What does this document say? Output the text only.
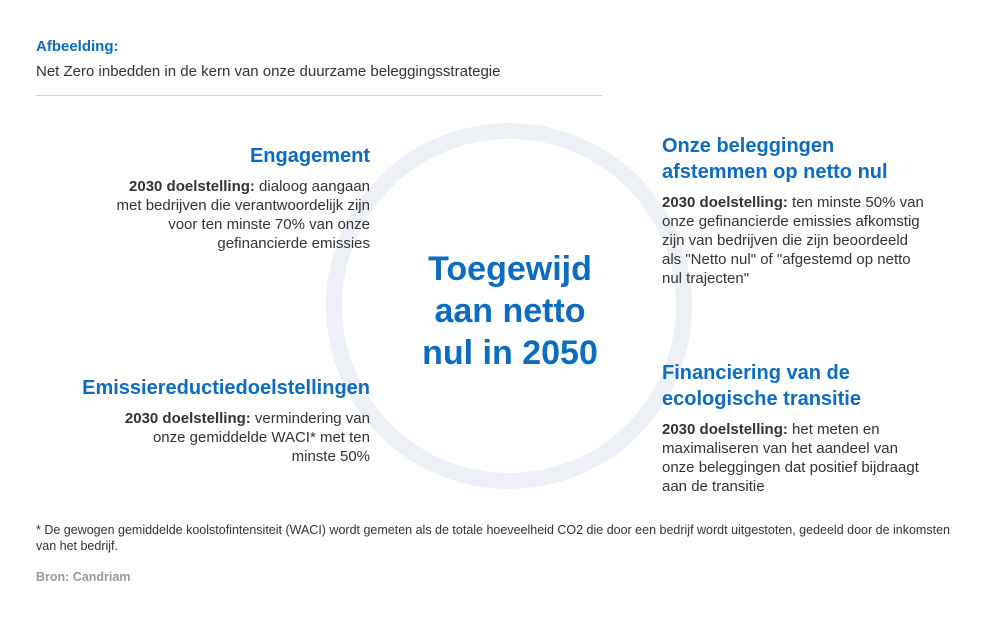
Afbeelding:
Net Zero inbedden in de kern van onze duurzame beleggingsstrategie
Toegewijd
aan netto
nul in 2050
Engagement
2030 doelstelling: dialoog aangaan met bedrijven die verantwoordelijk zijn voor ten minste 70% van onze gefinancierde emissies
Emissiereductiedoelstellingen
2030 doelstelling: vermindering van onze gemiddelde WACI* met ten minste 50%
Onze beleggingen
afstemmen op netto nul
2030 doelstelling: ten minste 50% van onze gefinancierde emissies afkomstig zijn van bedrijven die zijn beoordeeld als "Netto nul" of "afgestemd op netto nul trajecten"
Financiering van de
ecologische transitie
2030 doelstelling: het meten en maximaliseren van het aandeel van onze beleggingen dat positief bijdraagt aan de transitie
* De gewogen gemiddelde koolstofintensiteit (WACI) wordt gemeten als de totale hoeveelheid CO2 die door een bedrijf wordt uitgestoten, gedeeld door de inkomsten van het bedrijf.
Bron: Candriam
